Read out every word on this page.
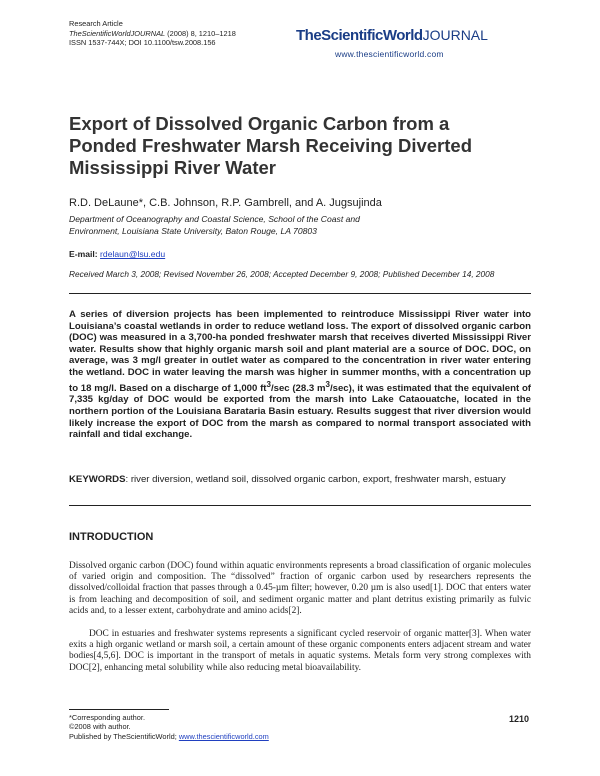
Research Article
TheScientificWorldJOURNAL (2008) 8, 1210–1218
ISSN 1537-744X; DOI 10.1100/tsw.2008.156	TheScientificWorldJOURNAL
www.thescientificworld.com
Export of Dissolved Organic Carbon from a Ponded Freshwater Marsh Receiving Diverted Mississippi River Water
R.D. DeLaune*, C.B. Johnson, R.P. Gambrell, and A. Jugsujinda
Department of Oceanography and Coastal Science, School of the Coast and
Environment, Louisiana State University, Baton Rouge, LA 70803
E-mail: rdelaun@lsu.edu
Received March 3, 2008; Revised November 26, 2008; Accepted December 9, 2008; Published December 14, 2008

A series of diversion projects has been implemented to reintroduce Mississippi River water into Louisiana’s coastal wetlands in order to reduce wetland loss. The export of dissolved organic carbon (DOC) was measured in a 3,700-ha ponded freshwater marsh that receives diverted Mississippi River water. Results show that highly organic marsh soil and plant material are a source of DOC. DOC, on average, was 3 mg/l greater in outlet water as compared to the concentration in river water entering the wetland. DOC in water leaving the marsh was higher in summer months, with a concentration up to 18 mg/l. Based on a discharge of 1,000 $ft^3/\sec$ (28.3 $m^3/\sec$), it was estimated that the equivalent of 7,335 kg/day of DOC would be exported from the marsh into Lake Cataouatche, located in the northern portion of the Louisiana Barataria Basin estuary. Results suggest that river diversion would likely increase the export of DOC from the marsh as compared to normal transport associated with rainfall and tidal exchange.

KEYWORDS: river diversion, wetland soil, dissolved organic carbon, export, freshwater marsh, estuary
INTRODUCTION

Dissolved organic carbon (DOC) found within aquatic environments represents a broad classification of organic molecules of varied origin and composition. The “dissolved” fraction of organic carbon used by researchers represents the dissolved/colloidal fraction that passes through a 0.45-µm filter; however, 0.20 µm is also used[1]. DOC that enters water is from leaching and decomposition of soil, and sediment organic matter and plant detritus existing primarily as fulvic acids and, to a lesser extent, carbohydrate and amino acids[2].

DOC in estuaries and freshwater systems represents a significant cycled reservoir of organic matter[3]. When water exits a high organic wetland or marsh soil, a certain amount of these organic components enters adjacent stream and water bodies[4,5,6]. DOC is important in the transport of metals in aquatic systems. Metals form very strong complexes with DOC[2], enhancing metal solubility while also reducing metal bioavailability.

*Corresponding author.
©2008 with author.
Published by TheScientificWorld; www.thescientificworld.com
1210
